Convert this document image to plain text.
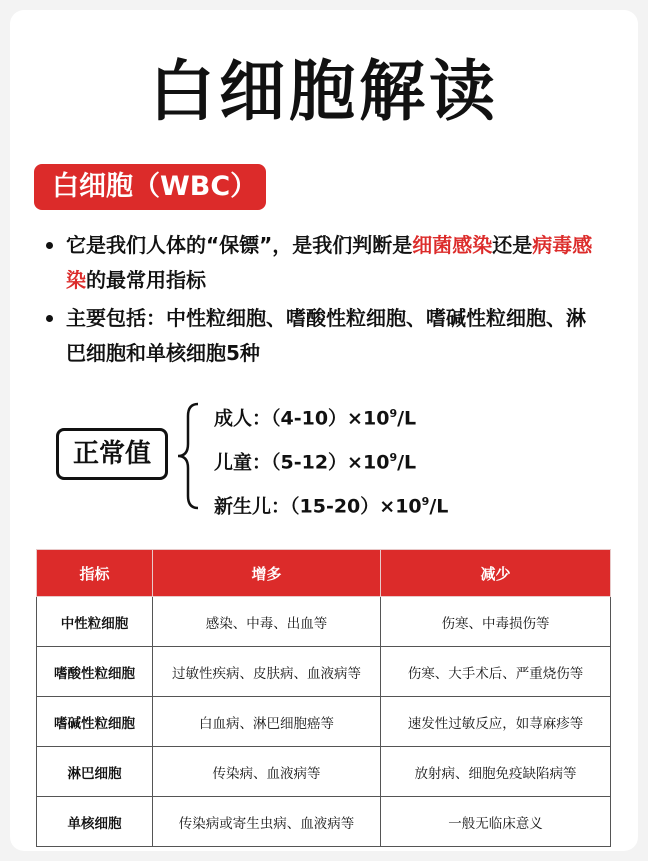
白细胞解读
白细胞（WBC）
它是我们人体的“保镖”，是我们判断是细菌感染还是病毒感染的最常用指标
主要包括：中性粒细胞、嗜酸性粒细胞、嗜碱性粒细胞、淋巴细胞和单核细胞5种
正常值
成人：$(4-10)\times 10^9/L$
儿童：$(5-12)\times 10^9/L$
新生儿：$(15-20)\times 10^9/L$
指标	增多	减少
中性粒细胞	感染、中毒、出血等	伤寒、中毒损伤等
嗜酸性粒细胞	过敏性疾病、皮肤病、血液病等	伤寒、大手术后、严重烧伤等
嗜碱性粒细胞	白血病、淋巴细胞癌等	速发性过敏反应，如荨麻疹等
淋巴细胞	传染病、血液病等	放射病、细胞免疫缺陷病等
单核细胞	传染病或寄生虫病、血液病等	一般无临床意义
